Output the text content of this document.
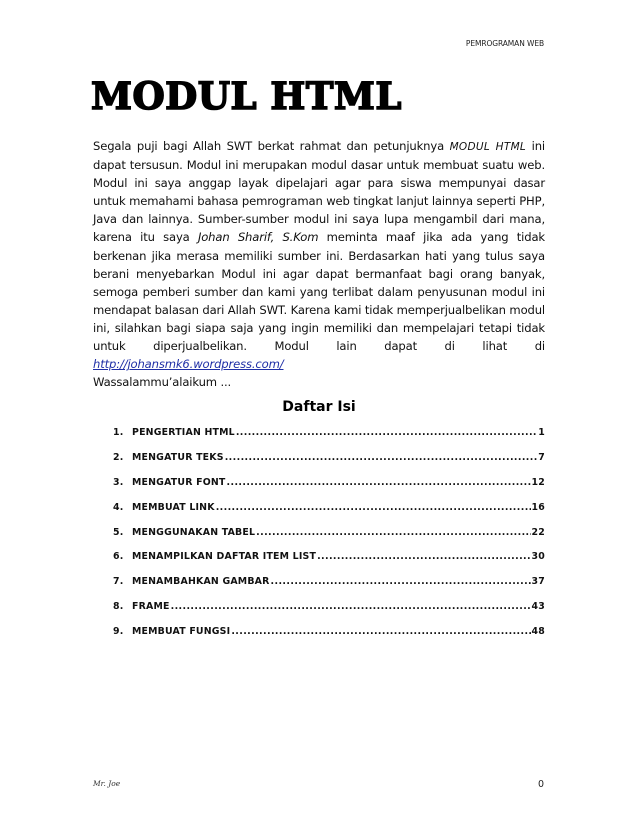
PEMROGRAMAN WEB
MODUL HTML

Segala puji bagi Allah SWT berkat rahmat dan petunjuknya MODUL HTML ini dapat tersusun. Modul ini merupakan modul dasar untuk membuat suatu web. Modul ini saya anggap layak dipelajari agar para siswa mempunyai dasar untuk memahami bahasa pemrograman web tingkat lanjut lainnya seperti PHP, Java dan lainnya. Sumber-sumber modul ini saya lupa mengambil dari mana, karena itu saya Johan Sharif, S.Kom meminta maaf jika ada yang tidak berkenan jika merasa memiliki sumber ini. Berdasarkan hati yang tulus saya berani menyebarkan Modul ini agar dapat bermanfaat bagi orang banyak, semoga pemberi sumber dan kami yang terlibat dalam penyusunan modul ini mendapat balasan dari Allah SWT. Karena kami tidak memperjualbelikan modul ini, silahkan bagi siapa saja yang ingin memiliki dan mempelajari tetapi tidak untuk diperjualbelikan. Modul lain dapat di lihat di http://johansmk6.wordpress.com/
Wassalammu’alaikum ...

Daftar Isi
1. PENGERTIAN HTML .....	1
2. MENGATUR TEKS .....	7
3. MENGATUR FONT .....	12
4. MEMBUAT LINK .....	16
5. MENGGUNAKAN TABEL .....	22
6. MENAMPILKAN DAFTAR ITEM LIST .....	30
7. MENAMBAHKAN GAMBAR .....	37
8. FRAME .....	43
9. MEMBUAT FUNGSI .....	48
Mr. Joe	0
